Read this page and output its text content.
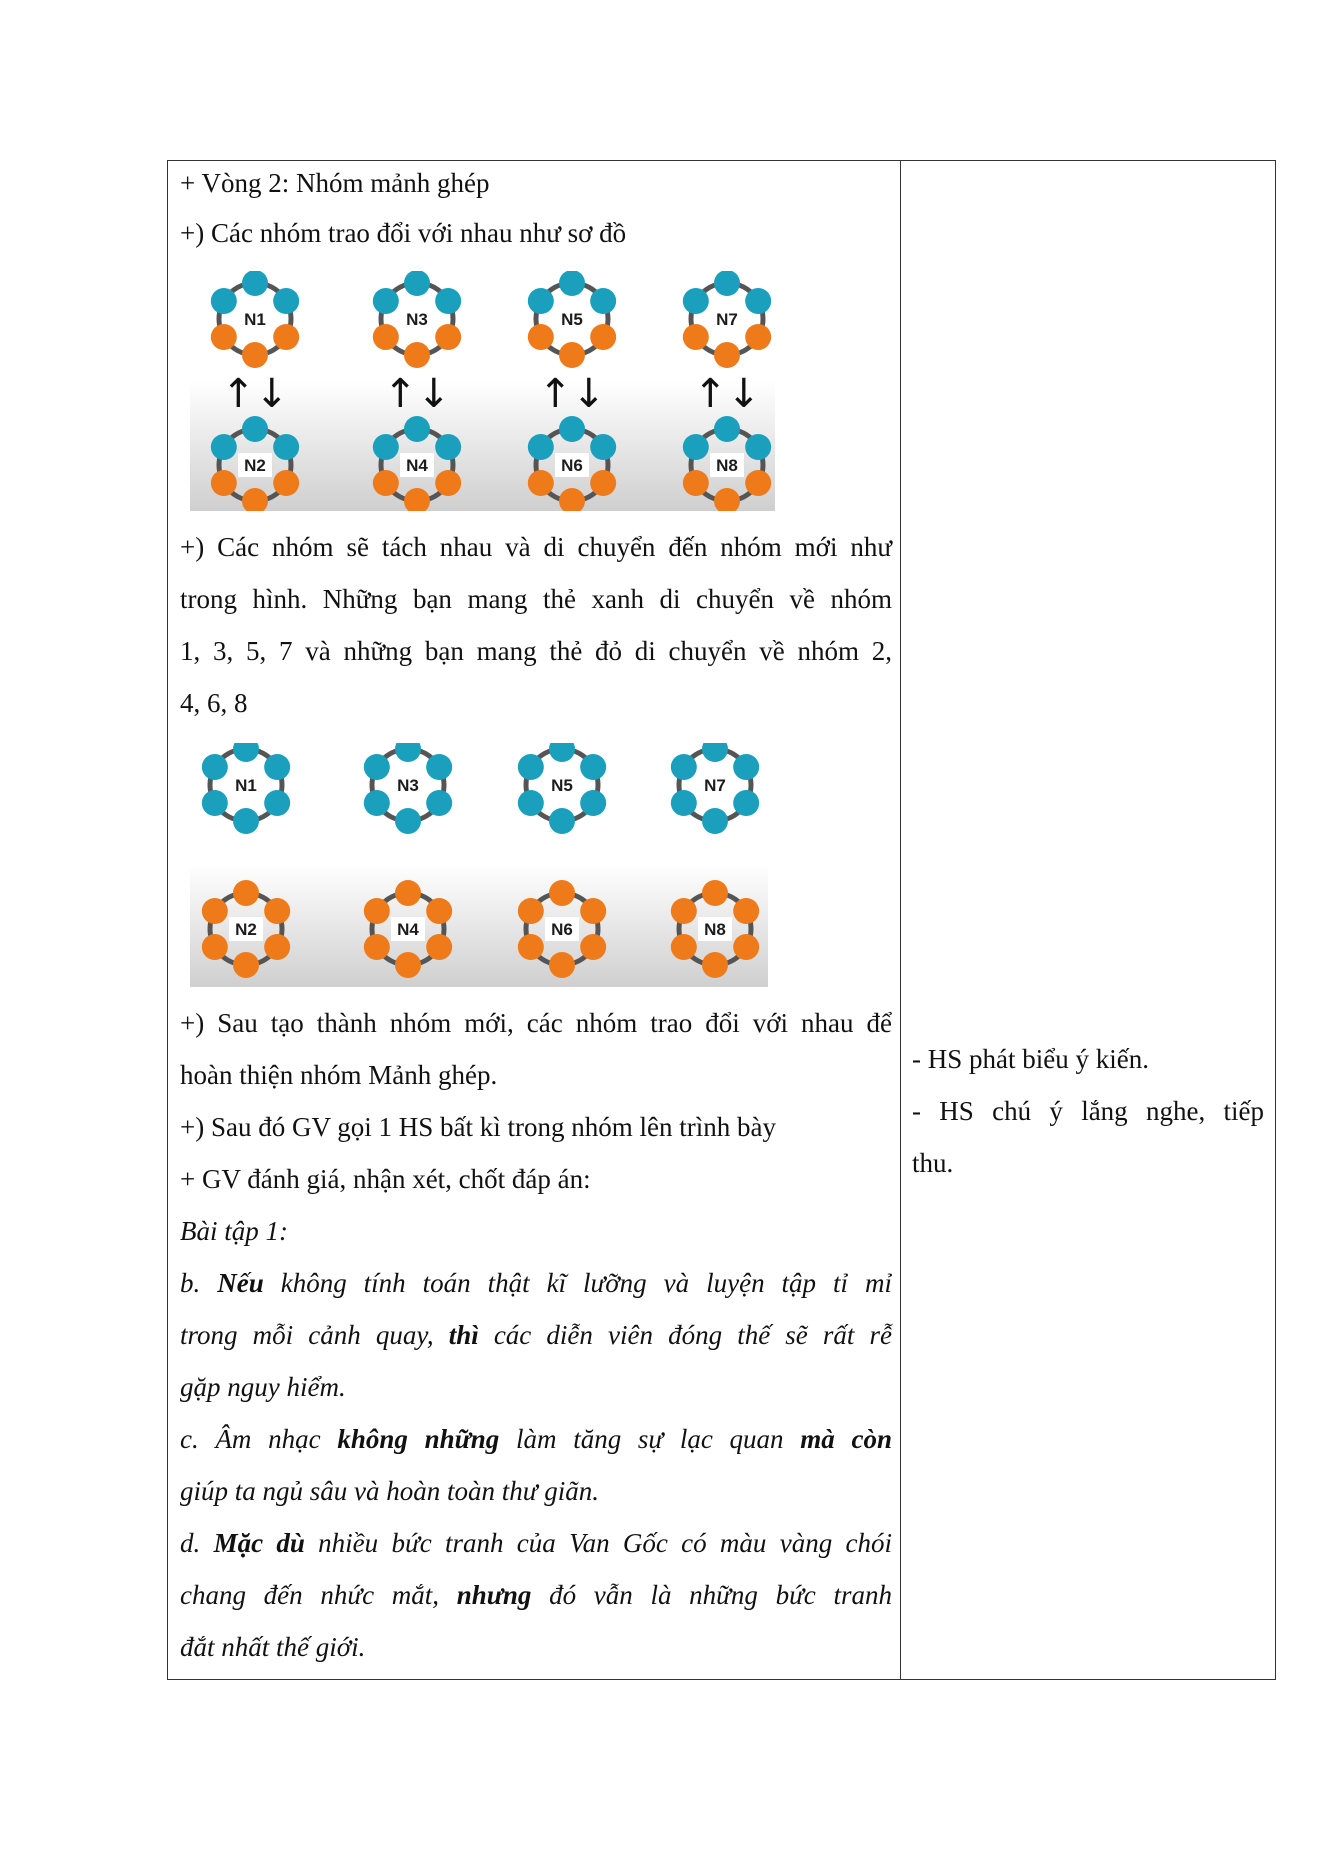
+ Vòng 2: Nhóm mảnh ghép
+) Các nhóm trao đổi với nhau như sơ đồ
N1	N3	N5	N7
N2	N4	N6	N8
↑↓ ↑↓ ↑↓ ↑↓
+) Các nhóm sẽ tách nhau và di chuyển đến nhóm mới như
trong hình. Những bạn mang thẻ xanh di chuyển về nhóm
1, 3, 5, 7 và những bạn mang thẻ đỏ di chuyển về nhóm 2,
4, 6, 8
N1	N3	N5	N7
N2	N4	N6	N8
+) Sau tạo thành nhóm mới, các nhóm trao đổi với nhau để
hoàn thiện nhóm Mảnh ghép.
+) Sau đó GV gọi 1 HS bất kì trong nhóm lên trình bày
+ GV đánh giá, nhận xét, chốt đáp án:
Bài tập 1:
b. Nếu không tính toán thật kĩ lưỡng và luyện tập tỉ mỉ
trong mỗi cảnh quay, thì các diễn viên đóng thế sẽ rất rễ
gặp nguy hiểm.
c. Âm nhạc không những làm tăng sự lạc quan mà còn
giúp ta ngủ sâu và hoàn toàn thư giãn.
d. Mặc dù nhiều bức tranh của Van Gốc có màu vàng chói
chang đến nhức mắt, nhưng đó vẫn là những bức tranh
đắt nhất thế giới.
- HS phát biểu ý kiến.
- HS chú ý lắng nghe, tiếp
thu.
